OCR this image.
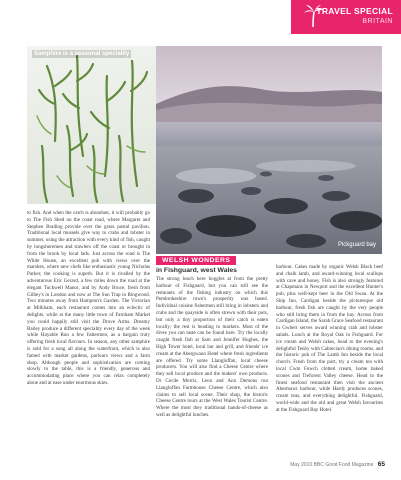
TRAVEL SPECIAL
BRITAIN
Samphire is a seasonal speciality
Pickguard bay

to fish. And when the catch is abundant, it will probably go to The Fish Shed on the coast road, where Margaret and Stephen Brading provide over the grass postal pavilion. Traditional local mussels give way to crabs and lobster in summer, using the attraction with every kind of fish, caught by longshoremen and trawlers off the coast or brought in from the brook by local lads. Just across the road is The White House, an excellent pub with views over the marshes, where new chefs like enthusiastic young Nicholas Parker, the cooking is superb. But it is rivalled by the adventurous Eric Gerard, a few miles down the road at the elegant Tuckwell Manor, and by Andy Bruce, fresh from Gilbey's in London and now at The Sun Trap in Ringwood. Two minutes away from Hampton's Garden. The Victorian at Milkham, each restaurant comes into an eclectic of delights, while at the many little town of Farnham Market you could happily still visit the Drove Arms. Dreamy Bailey produce a different speciality every day of the week while Hayable Run a few fishermen, as a bargain truly offering fresh local flavours. In season, any other samphire is sold for a song all along the waterfront, which is also famed with market gardens, parlours views and a farm shop. Although people and sophistication are coming slowly to the table, this is a friendly, generous and accommodating place where you can relax completely alone and at ease under enormous skies.

WELSH WONDERS
in Fishguard, west Wales

The strong lunch here boggles at from the pretty harbour of Fishguard, but you can still see the remnants of the fishing industry on which this Pembrokeshire town's prosperity was based. Individual cuisine fishermen still bring in lobsters and crabs and the quayside is often strewn with their pots, but only a tiny proportion of their catch is eaten locally; the rest is heading to markets. Most of the dives you can taste can be found here. Try the locally caught fresh fish at Sam and Jennifer Hughes, the High Tower hotel, local bar and grill, and friends' ice cream at the Abergwaun Hotel where fresh ingredients are offered. Try some Llangloffan, local cheese producers. You will also find a Cheese Centre where they sell local produce and the makers' own products. Dr Cecile Morris, Leon and Ann Demons run Llangloffan Farmhouse Cheese Centre, which also claims to sell local scene. Their shop, the historic Cheese Centre tours at the West Wales Tourist Centre. Where the most they traditional hands-of-cheese as well as delightful lunches.

harbour. Cakes made by organic Welsh Black beef and chalk lamb, and award-winning local scallops with cave and honey. Fish is also strongly featured at Chapmans in Newport and the excellent Hunter's pub, plus well-kept beer in the Old Swan. At the Ship Inn, Cardigan beside the picturesque old harbour, fresh fish are caught by the very people who still bring them in from the bay. Across from Cardigan Island, the Sarah Grace Seafood restaurant in Gwbert serves award winning crab and lobster salads. Lunch at the Royal Oak in Fishguard. For ice cream and Welsh cakes, head to the evening's delightful Tenby with Cabrecian's dining rooms, and the historic pub of The Lamb Inn beside the local church. Fresh from the port, try a cream tea with local Cwm Fuwch clotted cream, home baked scones and Treforest Valley cheese. Head to the finest seafood restaurant then visit the ancient Abermawr harbour, while Hardy produces scones, cream teas, and everything delightful. Fishguard, world-wide and the old and great Welsh favourites at the Fishguard Bay Hotel.

May 2010 BBC Good Food Magazine 65
